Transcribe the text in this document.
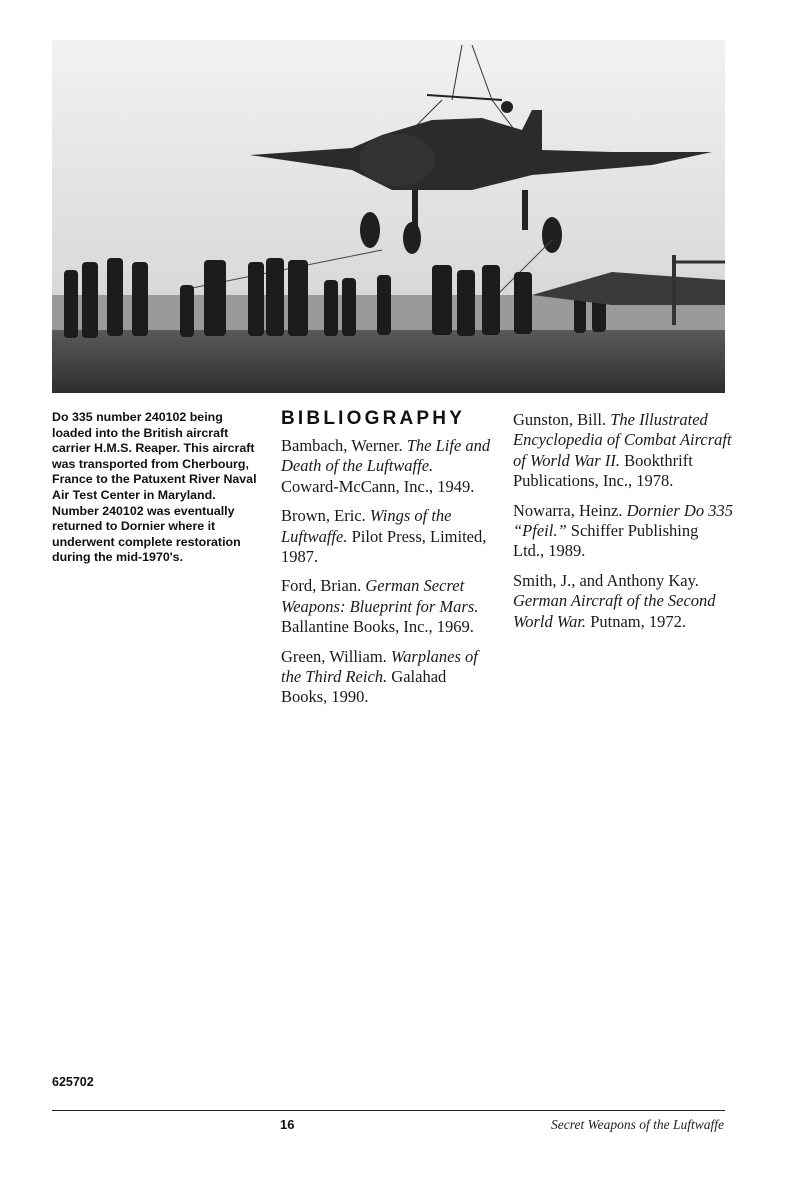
Do 335 number 240102 being loaded into the British aircraft carrier H.M.S. Reaper. This aircraft was transported from Cherbourg, France to the Patuxent River Naval Air Test Center in Maryland. Number 240102 was eventually returned to Dornier where it underwent complete restoration during the mid-1970's.
BIBLIOGRAPHY

Bambach, Werner. The Life and Death of the Luftwaffe. Coward-McCann, Inc., 1949.

Brown, Eric. Wings of the Luftwaffe. Pilot Press, Limited, 1987.

Ford, Brian. German Secret Weapons: Blueprint for Mars. Ballantine Books, Inc., 1969.

Green, William. Warplanes of the Third Reich. Galahad Books, 1990.

Gunston, Bill. The Illustrated Encyclopedia of Combat Aircraft of World War II. Bookthrift Publications, Inc., 1978.

Nowarra, Heinz. Dornier Do 335 “Pfeil.” Schiffer Publishing Ltd., 1989.

Smith, J., and Anthony Kay. German Aircraft of the Second World War. Putnam, 1972.

625702
16	Secret Weapons of the Luftwaffe
